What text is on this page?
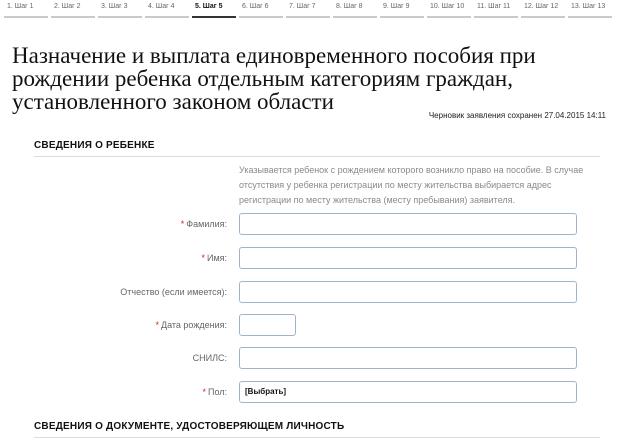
1. Шаг 1	2. Шаг 2	3. Шаг 3	4. Шаг 4	5. Шаг 5	6. Шаг 6	7. Шаг 7	8. Шаг 8	9. Шаг 9	10. Шаг 10	11. Шаг 11	12. Шаг 12	13. Шаг 13
Назначение и выплата единовременного пособия при рождении ребенка отдельным категориям граждан, установленного законом области
Черновик заявления сохранен 27.04.2015 14:11
СВЕДЕНИЯ О РЕБЕНКЕ
Указывается ребенок с рождением которого возникло право на пособие. В случае отсутствия у ребенка регистрации по месту жительства выбирается адрес регистрации по месту жительства (месту пребывания) заявителя.
* Фамилия:
* Имя:
Отчество (если имеется):
* Дата рождения:
СНИЛС:
* Пол:	[Выбрать]
СВЕДЕНИЯ О ДОКУМЕНТЕ, УДОСТОВЕРЯЮЩЕМ ЛИЧНОСТЬ
